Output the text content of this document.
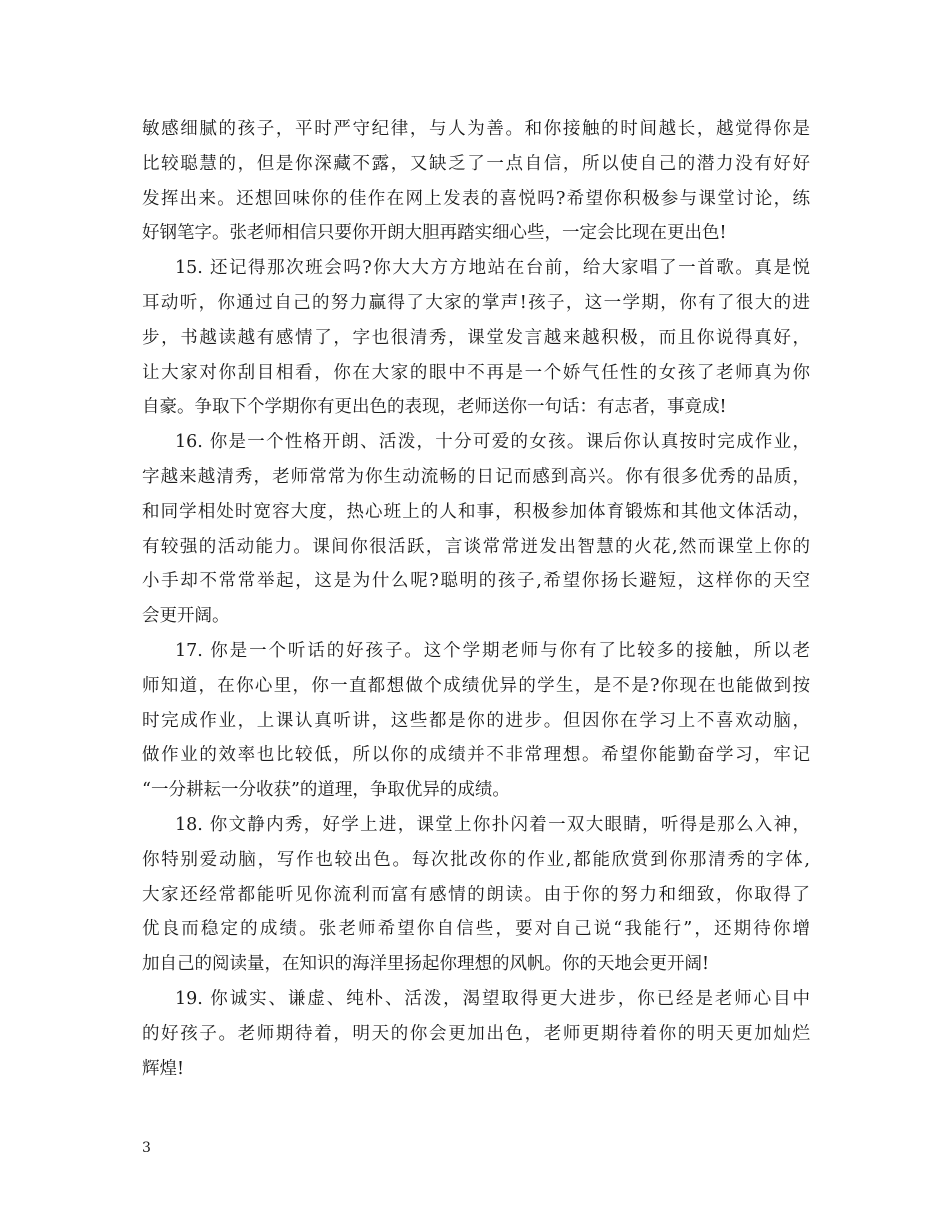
敏感细腻的孩子，平时严守纪律，与人为善。和你接触的时间越长，越觉得你是
比较聪慧的，但是你深藏不露，又缺乏了一点自信，所以使自己的潜力没有好好
发挥出来。还想回味你的佳作在网上发表的喜悦吗?希望你积极参与课堂讨论，练
好钢笔字。张老师相信只要你开朗大胆再踏实细心些，一定会比现在更出色!
15. 还记得那次班会吗?你大大方方地站在台前，给大家唱了一首歌。真是悦
耳动听，你通过自己的努力赢得了大家的掌声!孩子，这一学期，你有了很大的进
步，书越读越有感情了，字也很清秀，课堂发言越来越积极，而且你说得真好，
让大家对你刮目相看，你在大家的眼中不再是一个娇气任性的女孩了老师真为你
自豪。争取下个学期你有更出色的表现，老师送你一句话：有志者，事竟成!
16. 你是一个性格开朗、活泼，十分可爱的女孩。课后你认真按时完成作业，
字越来越清秀，老师常常为你生动流畅的日记而感到高兴。你有很多优秀的品质，
和同学相处时宽容大度，热心班上的人和事，积极参加体育锻炼和其他文体活动，
有较强的活动能力。课间你很活跃，言谈常常迸发出智慧的火花,然而课堂上你的
小手却不常常举起，这是为什么呢?聪明的孩子,希望你扬长避短，这样你的天空
会更开阔。
17. 你是一个听话的好孩子。这个学期老师与你有了比较多的接触，所以老
师知道，在你心里，你一直都想做个成绩优异的学生，是不是?你现在也能做到按
时完成作业，上课认真听讲，这些都是你的进步。但因你在学习上不喜欢动脑，
做作业的效率也比较低，所以你的成绩并不非常理想。希望你能勤奋学习，牢记
“一分耕耘一分收获”的道理，争取优异的成绩。
18. 你文静内秀，好学上进，课堂上你扑闪着一双大眼睛，听得是那么入神，
你特别爱动脑，写作也较出色。每次批改你的作业,都能欣赏到你那清秀的字体,
大家还经常都能听见你流利而富有感情的朗读。由于你的努力和细致，你取得了
优良而稳定的成绩。张老师希望你自信些，要对自己说“我能行”，还期待你增
加自己的阅读量，在知识的海洋里扬起你理想的风帆。你的天地会更开阔!
19. 你诚实、谦虚、纯朴、活泼，渴望取得更大进步，你已经是老师心目中
的好孩子。老师期待着，明天的你会更加出色，老师更期待着你的明天更加灿烂
辉煌!
3
